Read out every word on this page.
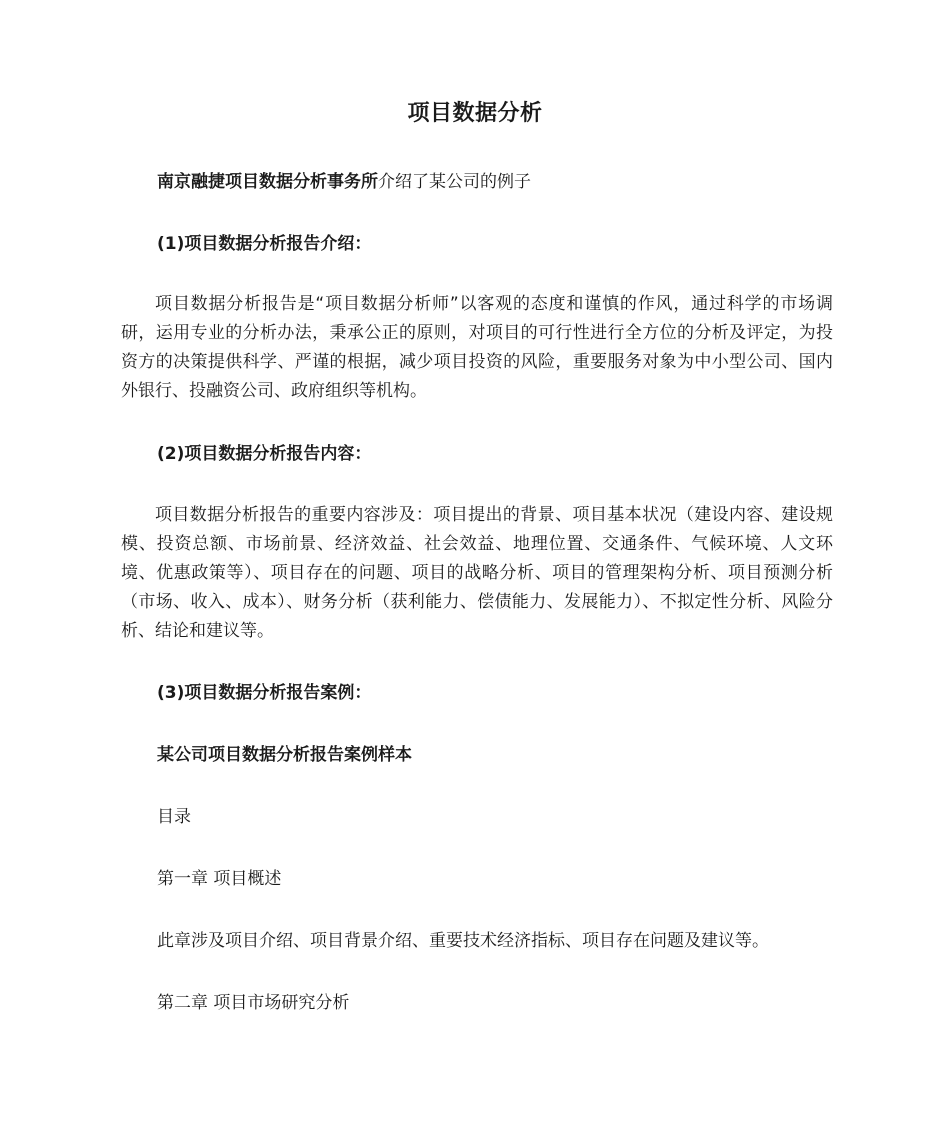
项目数据分析

南京融捷项目数据分析事务所介绍了某公司的例子

(1)项目数据分析报告介绍：

项目数据分析报告是“项目数据分析师”以客观的态度和谨慎的作风，通过科学的市场调研，运用专业的分析办法，秉承公正的原则，对项目的可行性进行全方位的分析及评定，为投资方的决策提供科学、严谨的根据，减少项目投资的风险，重要服务对象为中小型公司、国内外银行、投融资公司、政府组织等机构。

(2)项目数据分析报告内容：

项目数据分析报告的重要内容涉及：项目提出的背景、项目基本状况（建设内容、建设规模、投资总额、市场前景、经济效益、社会效益、地理位置、交通条件、气候环境、人文环境、优惠政策等）、项目存在的问题、项目的战略分析、项目的管理架构分析、项目预测分析（市场、收入、成本）、财务分析（获利能力、偿债能力、发展能力）、不拟定性分析、风险分析、结论和建议等。

(3)项目数据分析报告案例：

某公司项目数据分析报告案例样本

目录

第一章 项目概述

此章涉及项目介绍、项目背景介绍、重要技术经济指标、项目存在问题及建议等。

第二章 项目市场研究分析
